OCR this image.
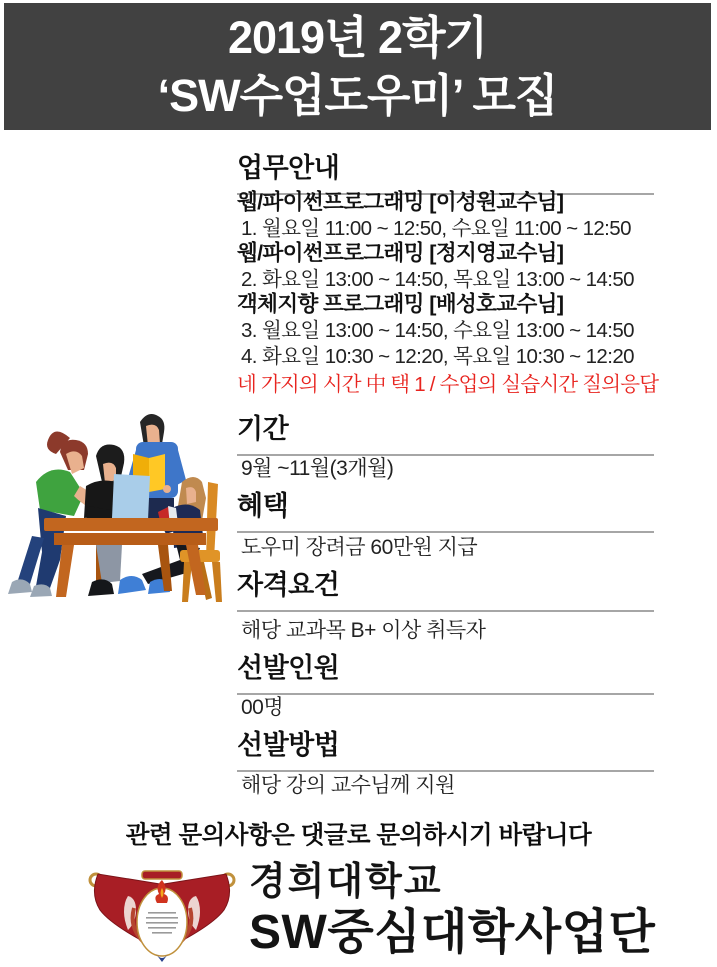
2019년 2학기
‘SW수업도우미’ 모집
업무안내
웹/파이썬프로그래밍 [이성원교수님]
1. 월요일 11:00 ~ 12:50, 수요일 11:00 ~ 12:50
웹/파이썬프로그래밍 [정지영교수님]
2. 화요일 13:00 ~ 14:50, 목요일 13:00 ~ 14:50
객체지향 프로그래밍 [배성호교수님]
3. 월요일 13:00 ~ 14:50, 수요일 13:00 ~ 14:50
4. 화요일 10:30 ~ 12:20, 목요일 10:30 ~ 12:20
네 가지의 시간 中 택 1 / 수업의 실습시간 질의응답
기간
9월 ~11월(3개월)
혜택
도우미 장려금 60만원 지급
자격요건
해당 교과목 B+ 이상 취득자
선발인원
00명
선발방법
해당 강의 교수님께 지원
관련 문의사항은 댓글로 문의하시기 바랍니다
경희대학교
SW중심대학사업단
